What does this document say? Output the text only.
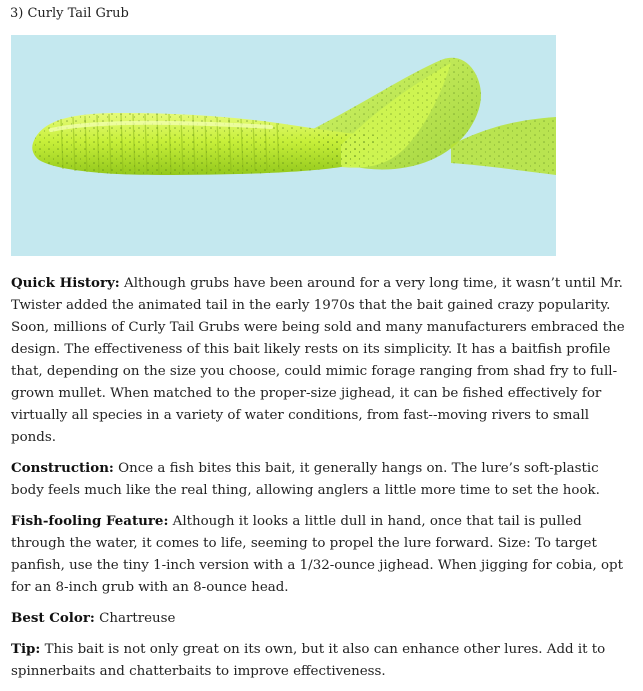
3) Curly Tail Grub

Quick History: Although grubs have been around for a very long time, it wasn’t until Mr. Twister added the animated tail in the early 1970s that the bait gained crazy popularity. Soon, millions of Curly Tail Grubs were being sold and many manufacturers embraced the design. The effectiveness of this bait likely rests on its simplicity. It has a baitfish profile that, depending on the size you choose, could mimic forage ranging from shad fry to full-grown mullet. When matched to the proper-size jighead, it can be fished effectively for virtually all species in a variety of water conditions, from fast--moving rivers to small ponds.

Construction: Once a fish bites this bait, it generally hangs on. The lure’s soft-plastic body feels much like the real thing, allowing anglers a little more time to set the hook.

Fish-fooling Feature: Although it looks a little dull in hand, once that tail is pulled through the water, it comes to life, seeming to propel the lure forward. Size: To target panfish, use the tiny 1-inch version with a 1/32-ounce jighead. When jigging for cobia, opt for an 8-inch grub with an 8-ounce head.

Best Color: Chartreuse

Tip: This bait is not only great on its own, but it also can enhance other lures. Add it to spinnerbaits and chatterbaits to improve effectiveness.
